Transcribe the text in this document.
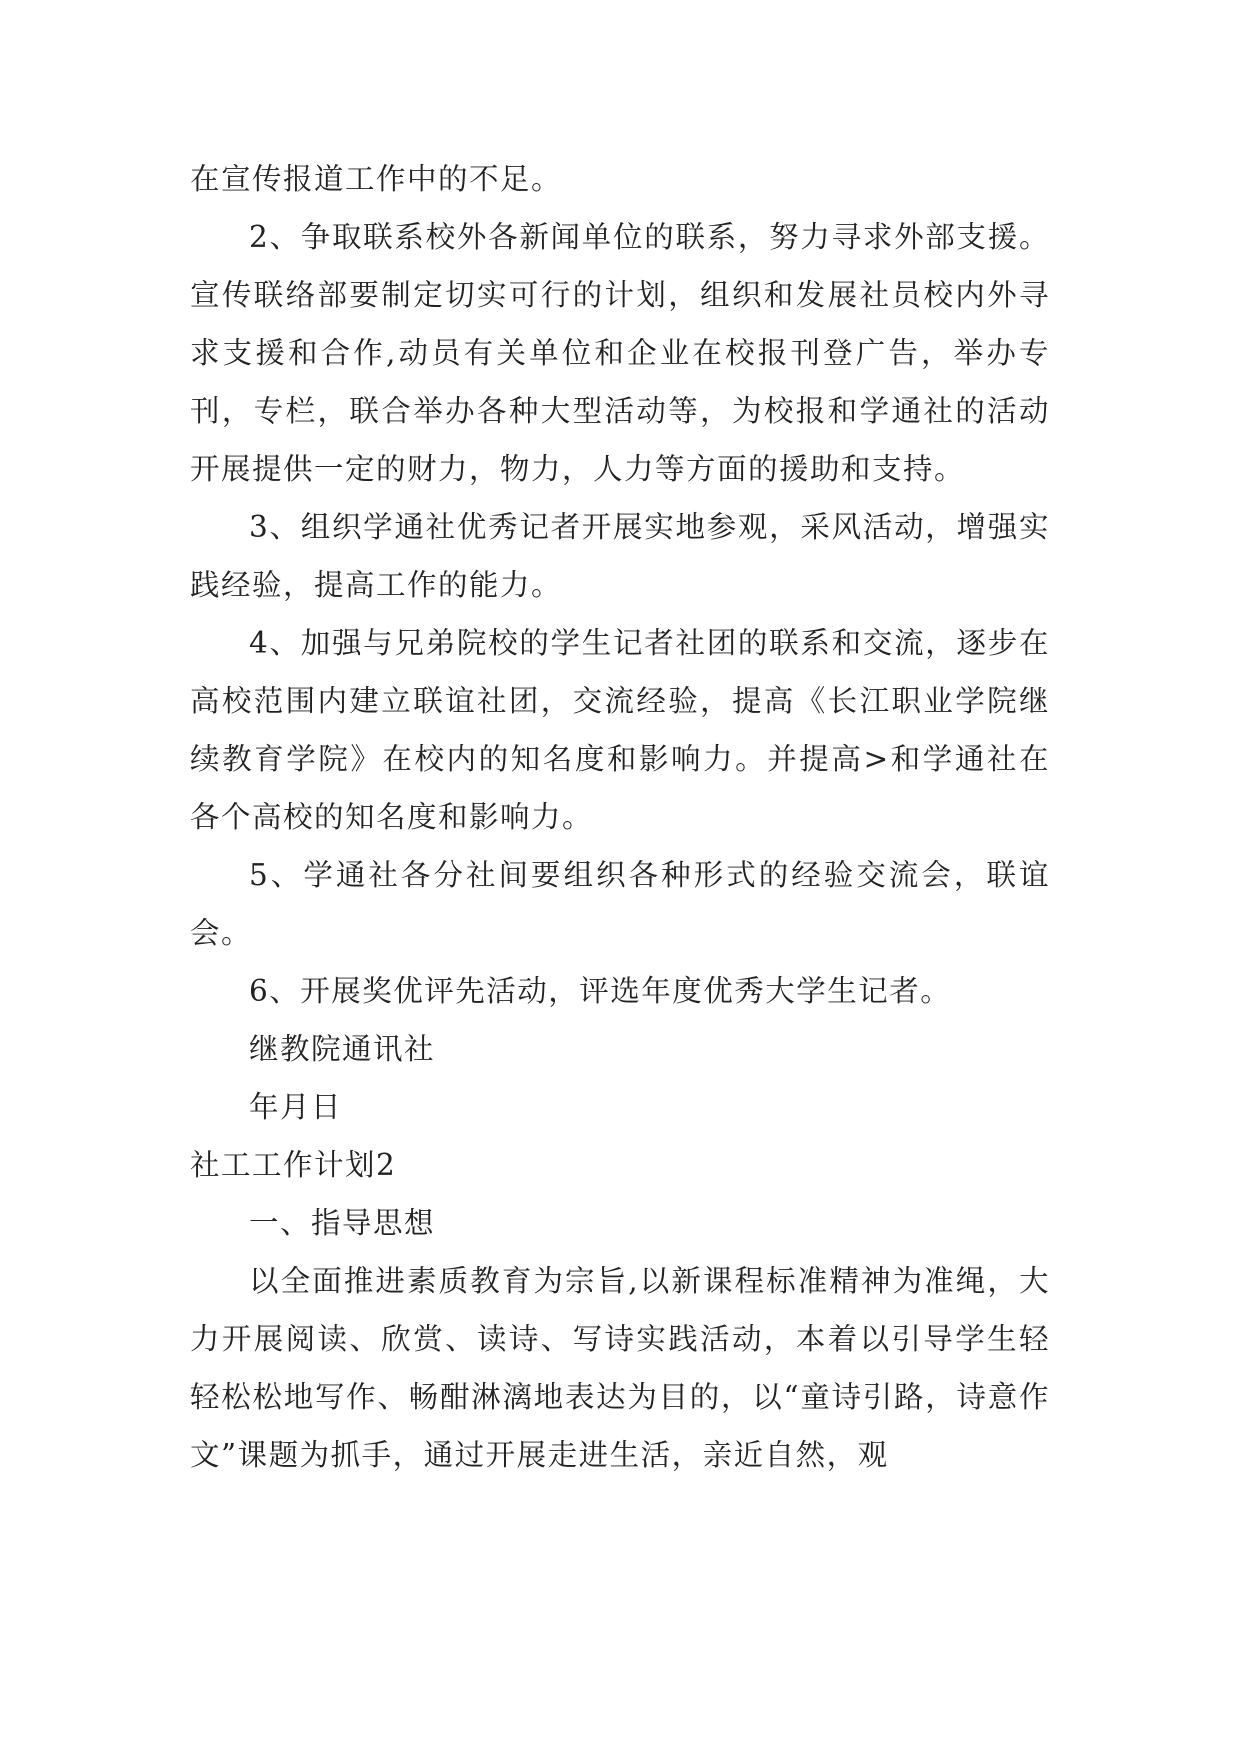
在宣传报道工作中的不足。

2、争取联系校外各新闻单位的联系，努力寻求外部支援。宣传联络部要制定切实可行的计划，组织和发展社员校内外寻求支援和合作,动员有关单位和企业在校报刊登广告，举办专刊，专栏，联合举办各种大型活动等，为校报和学通社的活动开展提供一定的财力，物力，人力等方面的援助和支持。

3、组织学通社优秀记者开展实地参观，采风活动，增强实践经验，提高工作的能力。

4、加强与兄弟院校的学生记者社团的联系和交流，逐步在高校范围内建立联谊社团，交流经验，提高《长江职业学院继续教育学院》在校内的知名度和影响力。并提高>和学通社在各个高校的知名度和影响力。

5、学通社各分社间要组织各种形式的经验交流会，联谊会。

6、开展奖优评先活动，评选年度优秀大学生记者。

继教院通讯社

年月日

社工工作计划2

一、指导思想

以全面推进素质教育为宗旨,以新课程标准精神为准绳，大力开展阅读、欣赏、读诗、写诗实践活动，本着以引导学生轻轻松松地写作、畅酣淋漓地表达为目的，以“童诗引路，诗意作文”课题为抓手，通过开展走进生活，亲近自然，观
